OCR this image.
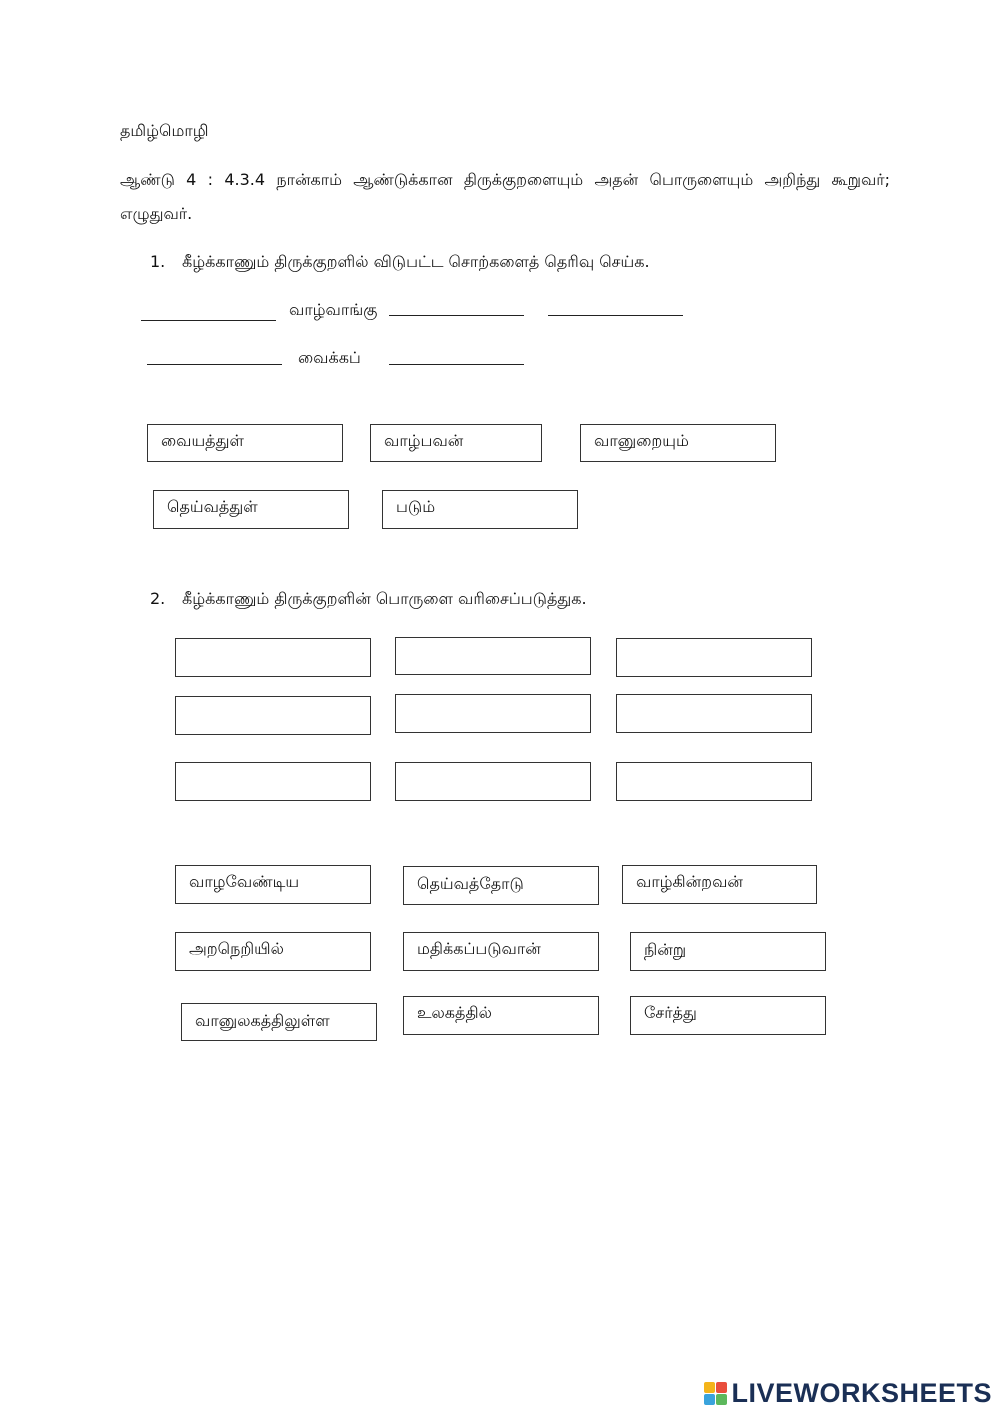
தமிழ்மொழி
ஆண்டு 4 : 4.3.4 நான்காம் ஆண்டுக்கான திருக்குறளையும் அதன் பொருளையும் அறிந்து கூறுவர்; எழுதுவர்.
1. கீழ்க்காணும் திருக்குறளில் விடுபட்ட சொற்களைத் தெரிவு செய்க.
வாழ்வாங்கு
வைக்கப்
வையத்துள்	வாழ்பவன்	வானுறையும்
தெய்வத்துள்	படும்
2. கீழ்க்காணும் திருக்குறளின் பொருளை வரிசைப்படுத்துக.
வாழவேண்டிய	தெய்வத்தோடு	வாழ்கின்றவன்
அறநெறியில்	மதிக்கப்படுவான்	நின்று
வானுலகத்திலுள்ள	உலகத்தில்	சேர்த்து
LIVEWORKSHEETS
